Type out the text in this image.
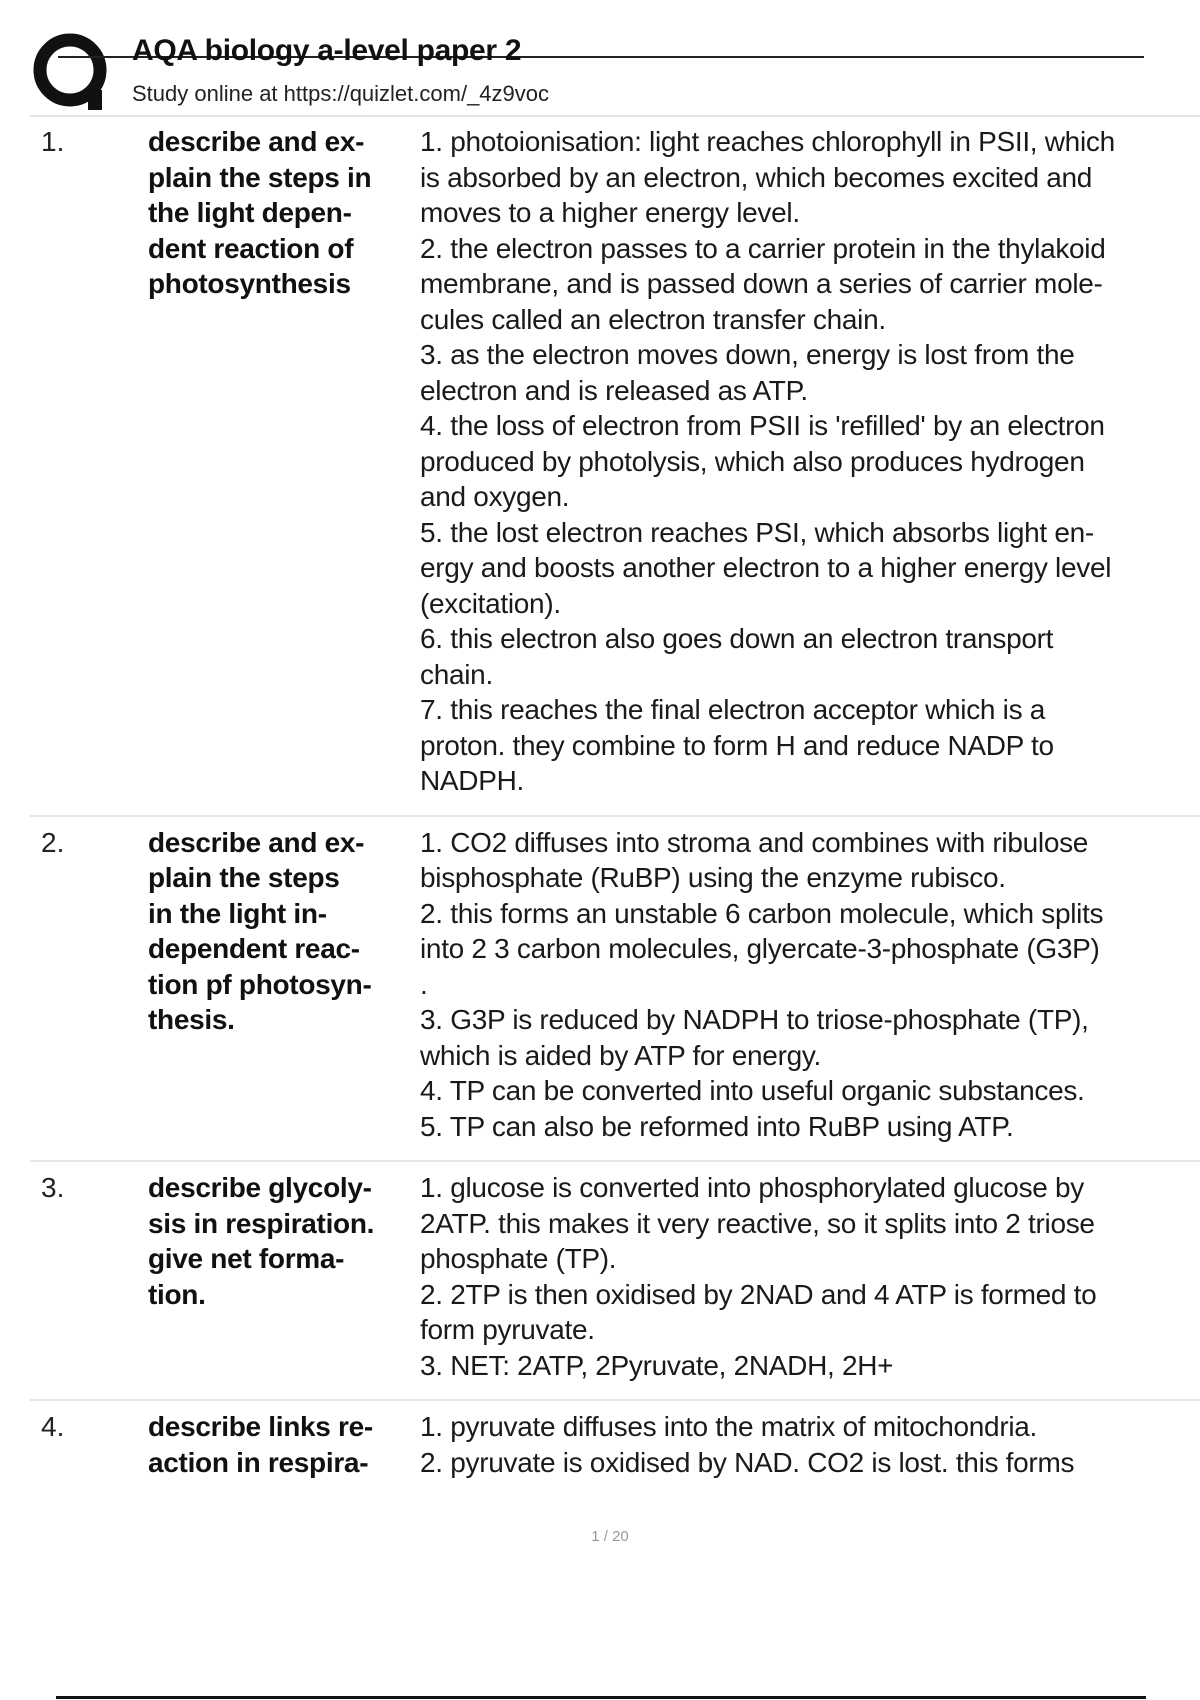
AQA biology a-level paper 2
Study online at https://quizlet.com/_4z9voc
1.	describe and ex-
plain the steps in
the light depen-
dent reaction of
photosynthesis
1. photoionisation: light reaches chlorophyll in PSII, which
is absorbed by an electron, which becomes excited and
moves to a higher energy level.
2. the electron passes to a carrier protein in the thylakoid
membrane, and is passed down a series of carrier mole-
cules called an electron transfer chain.
3. as the electron moves down, energy is lost from the
electron and is released as ATP.
4. the loss of electron from PSII is 'refilled' by an electron
produced by photolysis, which also produces hydrogen
and oxygen.
5. the lost electron reaches PSI, which absorbs light en-
ergy and boosts another electron to a higher energy level
(excitation).
6. this electron also goes down an electron transport
chain.
7. this reaches the final electron acceptor which is a
proton. they combine to form H and reduce NADP to
NADPH.
2.	describe and ex-
plain the steps
in the light in-
dependent reac-
tion pf photosyn-
thesis.
1. CO2 diffuses into stroma and combines with ribulose
bisphosphate (RuBP) using the enzyme rubisco.
2. this forms an unstable 6 carbon molecule, which splits
into 2 3 carbon molecules, glyercate-3-phosphate (G3P)
.
3. G3P is reduced by NADPH to triose-phosphate (TP),
which is aided by ATP for energy.
4. TP can be converted into useful organic substances.
5. TP can also be reformed into RuBP using ATP.
3.	describe glycoly-
sis in respiration.
give net forma-
tion.
1. glucose is converted into phosphorylated glucose by
2ATP. this makes it very reactive, so it splits into 2 triose
phosphate (TP).
2. 2TP is then oxidised by 2NAD and 4 ATP is formed to
form pyruvate.
3. NET: 2ATP, 2Pyruvate, 2NADH, 2H+
4.	describe links re-
action in respira-
1. pyruvate diffuses into the matrix of mitochondria.
2. pyruvate is oxidised by NAD. CO2 is lost. this forms
1 / 20
